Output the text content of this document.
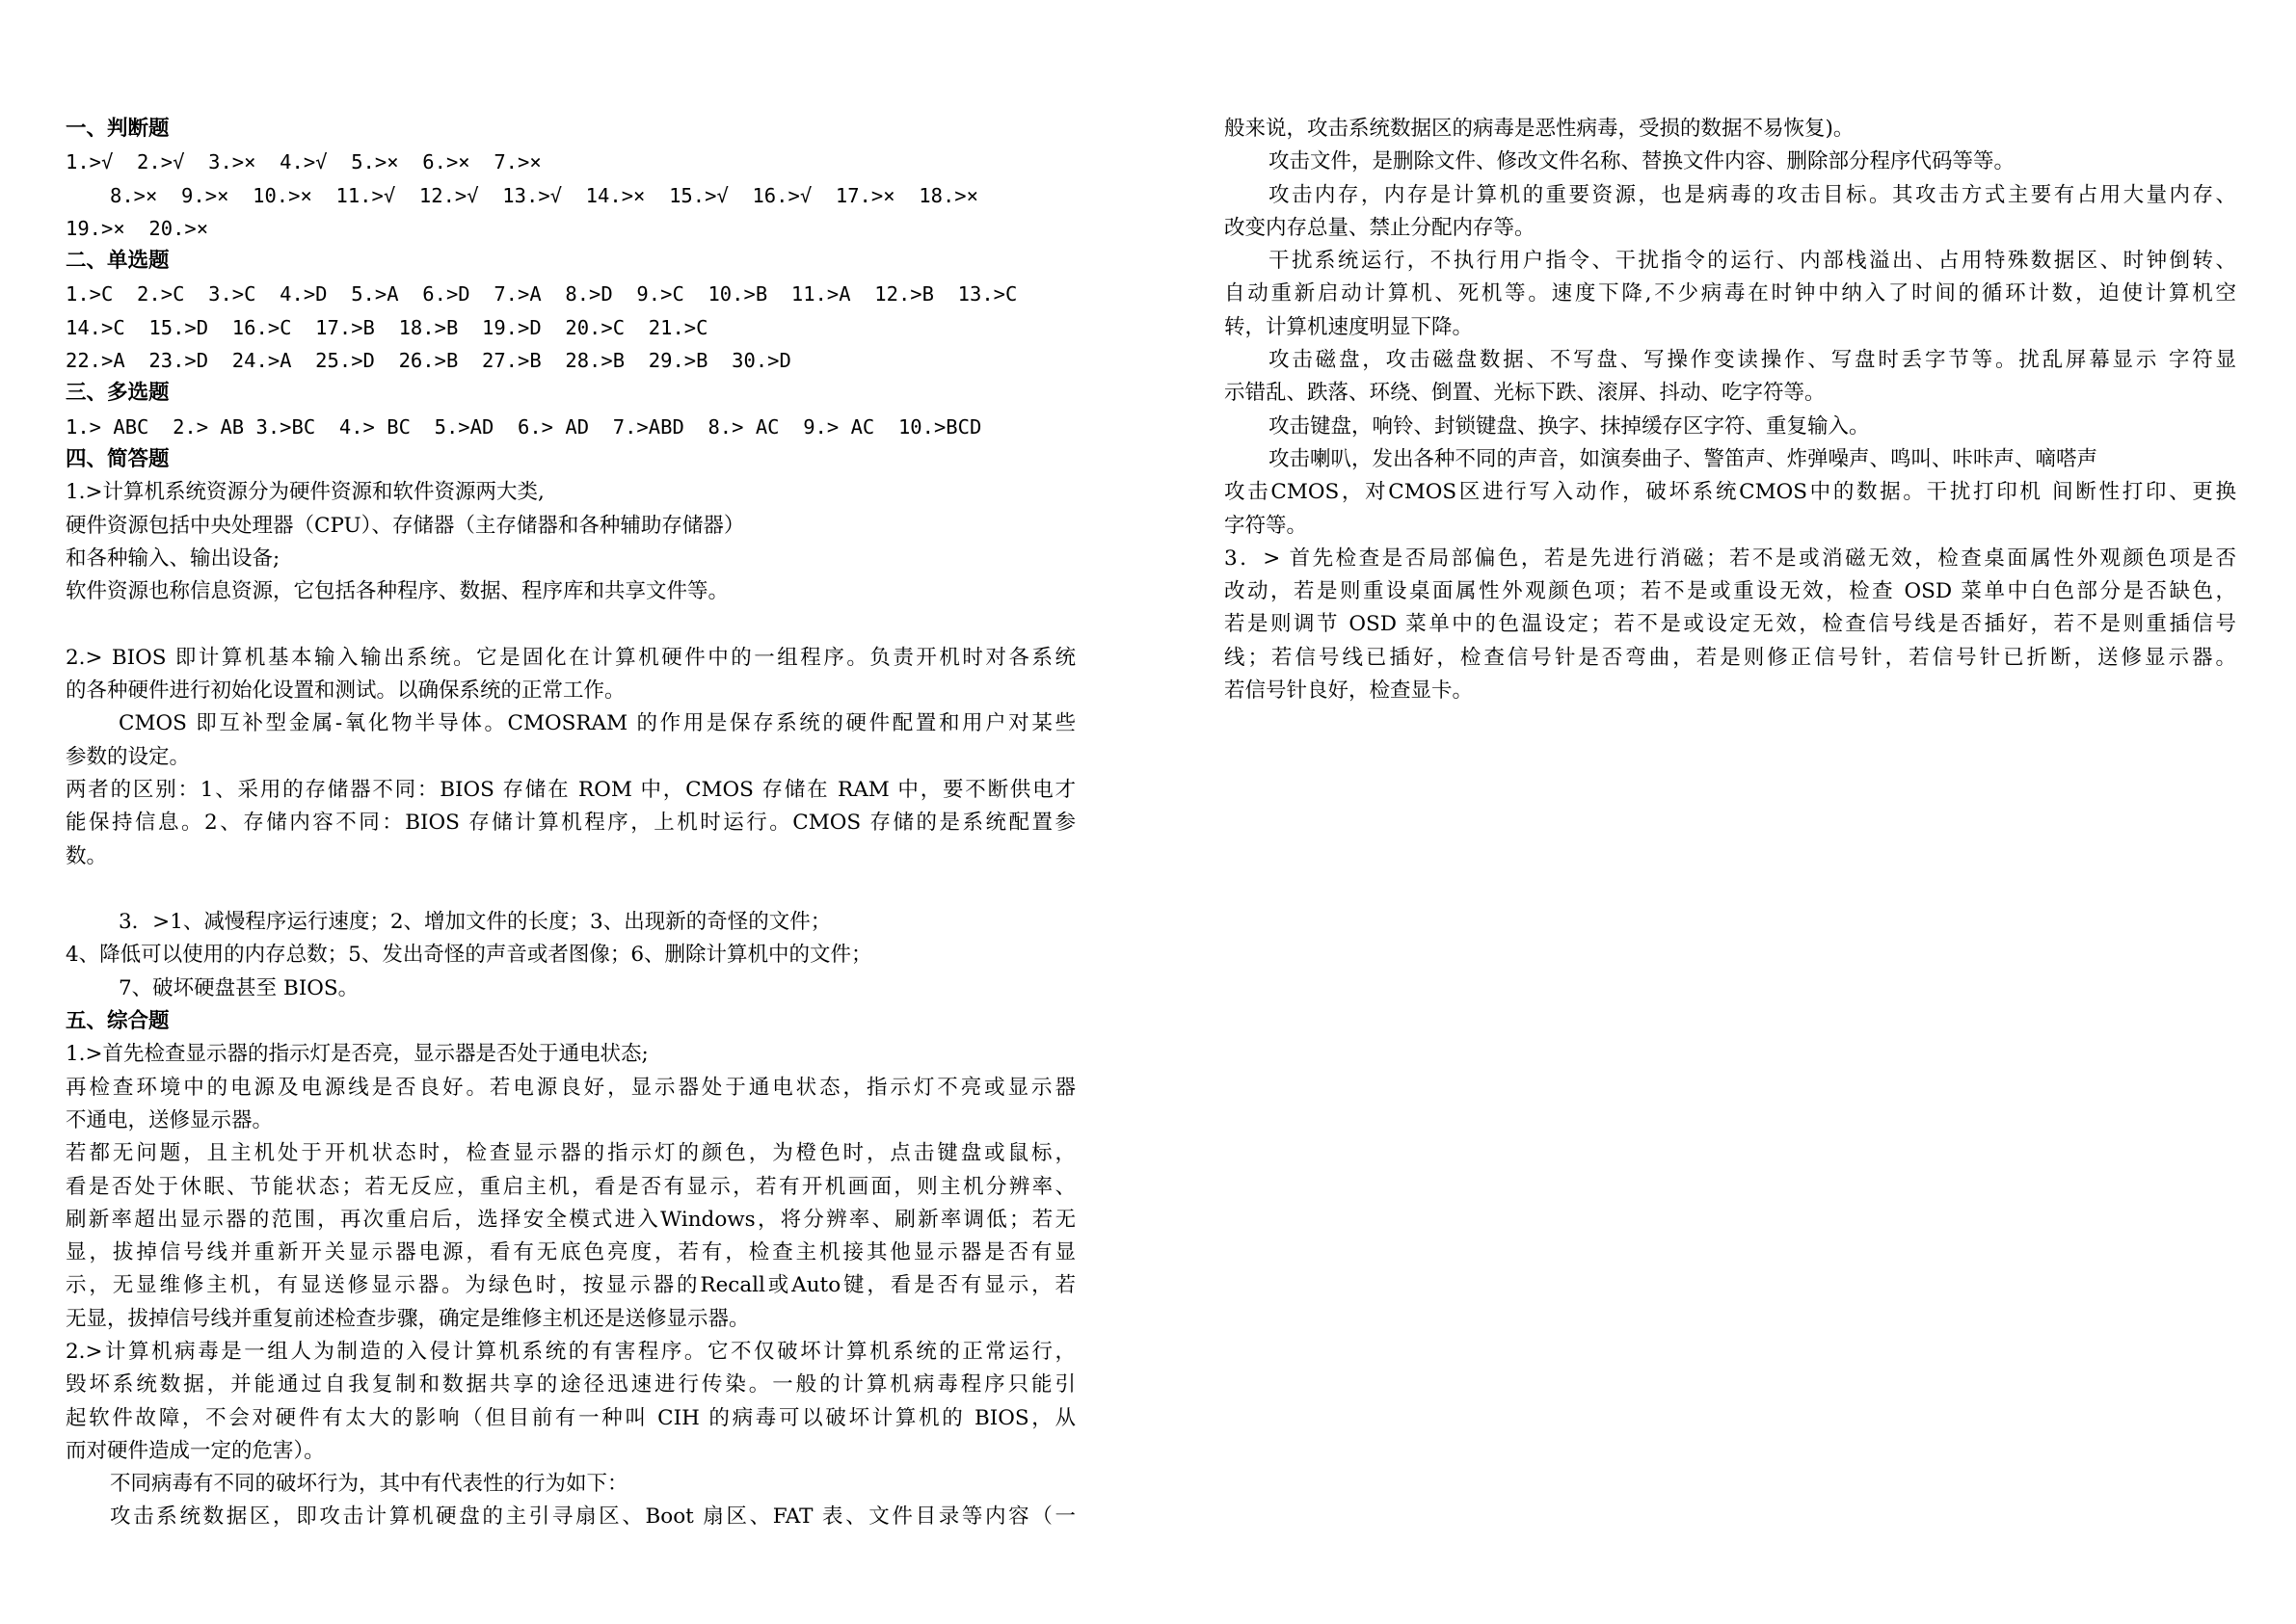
一、判断题
1.>√  2.>√  3.>×  4.>√  5.>×  6.>×  7.>×
8.>×  9.>×  10.>×  11.>√  12.>√  13.>√  14.>×  15.>√  16.>√  17.>×  18.>×
19.>×  20.>×
二、单选题
1.>C  2.>C  3.>C  4.>D  5.>A  6.>D  7.>A  8.>D  9.>C  10.>B  11.>A  12.>B  13.>C
14.>C  15.>D  16.>C  17.>B  18.>B  19.>D  20.>C  21.>C
22.>A  23.>D  24.>A  25.>D  26.>B  27.>B  28.>B  29.>B  30.>D
三、多选题
1.> ABC  2.> AB 3.>BC  4.> BC  5.>AD  6.> AD  7.>ABD  8.> AC  9.> AC  10.>BCD
四、简答题
1.>计算机系统资源分为硬件资源和软件资源两大类,
硬件资源包括中央处理器（CPU）、存储器（主存储器和各种辅助存储器）
和各种输入、输出设备;
软件资源也称信息资源，它包括各种程序、数据、程序库和共享文件等。
2.> BIOS 即计算机基本输入输出系统。它是固化在计算机硬件中的一组程序。负责开机时对各系统
的各种硬件进行初始化设置和测试。以确保系统的正常工作。
CMOS 即互补型金属-氧化物半导体。CMOSRAM 的作用是保存系统的硬件配置和用户对某些
参数的设定。
两者的区别：1、采用的存储器不同：BIOS 存储在 ROM 中，CMOS 存储在 RAM 中，要不断供电才
能保持信息。2、存储内容不同：BIOS 存储计算机程序，上机时运行。CMOS 存储的是系统配置参
数。
3．>1、减慢程序运行速度；2、增加文件的长度；3、出现新的奇怪的文件；
4、降低可以使用的内存总数；5、发出奇怪的声音或者图像；6、删除计算机中的文件；
7、破坏硬盘甚至 BIOS。
五、综合题
1.>首先检查显示器的指示灯是否亮，显示器是否处于通电状态;
再检查环境中的电源及电源线是否良好。若电源良好，显示器处于通电状态，指示灯不亮或显示器
不通电，送修显示器。
若都无问题，且主机处于开机状态时，检查显示器的指示灯的颜色，为橙色时，点击键盘或鼠标，
看是否处于休眠、节能状态；若无反应，重启主机，看是否有显示，若有开机画面，则主机分辨率、
刷新率超出显示器的范围，再次重启后，选择安全模式进入Windows，将分辨率、刷新率调低；若无
显，拔掉信号线并重新开关显示器电源，看有无底色亮度，若有，检查主机接其他显示器是否有显
示，无显维修主机，有显送修显示器。为绿色时，按显示器的Recall或Auto键，看是否有显示，若
无显，拔掉信号线并重复前述检查步骤，确定是维修主机还是送修显示器。
2.>计算机病毒是一组人为制造的入侵计算机系统的有害程序。它不仅破坏计算机系统的正常运行，
毁坏系统数据，并能通过自我复制和数据共享的途径迅速进行传染。一般的计算机病毒程序只能引
起软件故障，不会对硬件有太大的影响（但目前有一种叫 CIH 的病毒可以破坏计算机的 BIOS，从
而对硬件造成一定的危害）。
不同病毒有不同的破坏行为，其中有代表性的行为如下：
攻击系统数据区，即攻击计算机硬盘的主引寻扇区、Boot 扇区、FAT 表、文件目录等内容（一
般来说，攻击系统数据区的病毒是恶性病毒，受损的数据不易恢复)。
攻击文件，是删除文件、修改文件名称、替换文件内容、删除部分程序代码等等。
攻击内存，内存是计算机的重要资源，也是病毒的攻击目标。其攻击方式主要有占用大量内存、
改变内存总量、禁止分配内存等。
干扰系统运行，不执行用户指令、干扰指令的运行、内部栈溢出、占用特殊数据区、时钟倒转、
自动重新启动计算机、死机等。速度下降,不少病毒在时钟中纳入了时间的循环计数，迫使计算机空
转，计算机速度明显下降。
攻击磁盘，攻击磁盘数据、不写盘、写操作变读操作、写盘时丢字节等。扰乱屏幕显示 字符显
示错乱、跌落、环绕、倒置、光标下跌、滚屏、抖动、吃字符等。
攻击键盘，响铃、封锁键盘、换字、抹掉缓存区字符、重复输入。
攻击喇叭，发出各种不同的声音，如演奏曲子、警笛声、炸弹噪声、鸣叫、咔咔声、嘀嗒声
攻击CMOS，对CMOS区进行写入动作，破坏系统CMOS中的数据。干扰打印机 间断性打印、更换
字符等。
3．> 首先检查是否局部偏色，若是先进行消磁；若不是或消磁无效，检查桌面属性外观颜色项是否
改动，若是则重设桌面属性外观颜色项；若不是或重设无效，检查 OSD 菜单中白色部分是否缺色，
若是则调节 OSD 菜单中的色温设定；若不是或设定无效，检查信号线是否插好，若不是则重插信号
线；若信号线已插好，检查信号针是否弯曲，若是则修正信号针，若信号针已折断，送修显示器。
若信号针良好，检查显卡。
